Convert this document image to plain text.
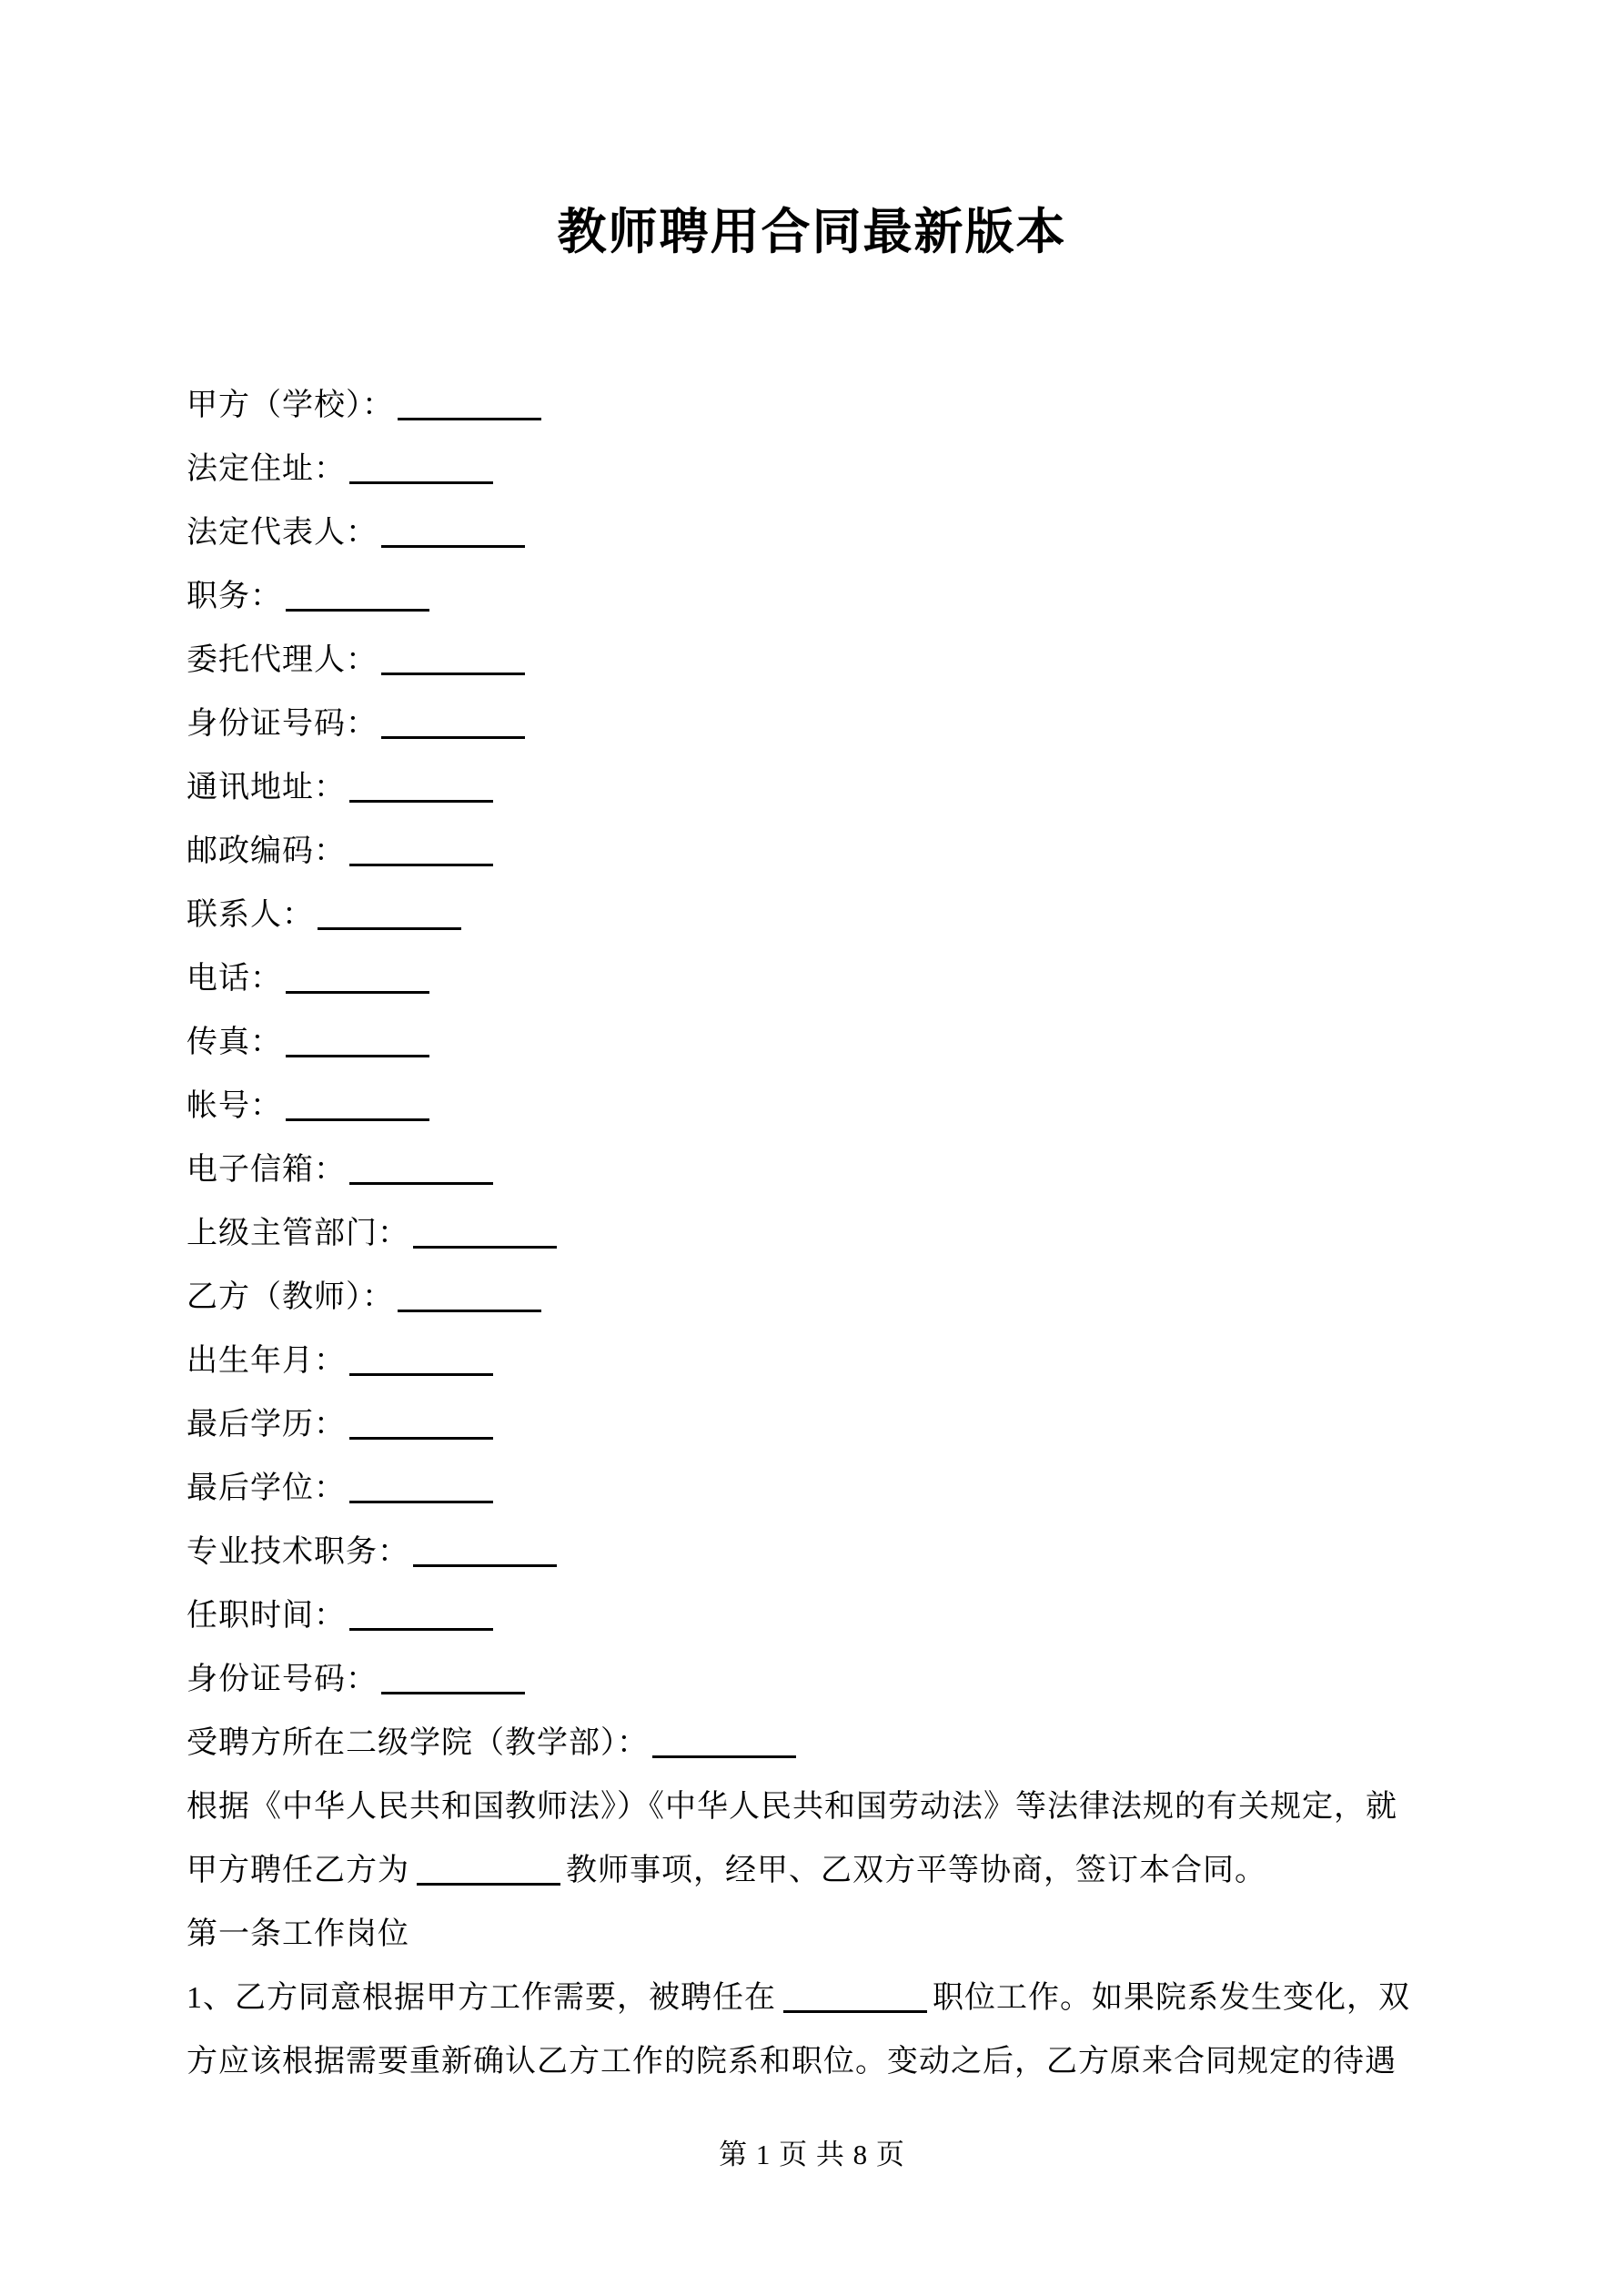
教师聘用合同最新版本
甲方（学校）：
法定住址：
法定代表人：
职务：
委托代理人：
身份证号码：
通讯地址：
邮政编码：
联系人：
电话：
传真：
帐号：
电子信箱：
上级主管部门：
乙方（教师）：
出生年月：
最后学历：
最后学位：
专业技术职务：
任职时间：
身份证号码：
受聘方所在二级学院（教学部）：
根据《中华人民共和国教师法》）《中华人民共和国劳动法》等法律法规的有关规定，就
甲方聘任乙方为	教师事项，经甲、乙双方平等协商，签订本合同。
第一条工作岗位
1、乙方同意根据甲方工作需要，被聘任在	职位工作。如果院系发生变化，双
方应该根据需要重新确认乙方工作的院系和职位。变动之后，乙方原来合同规定的待遇
第 1 页 共 8 页
